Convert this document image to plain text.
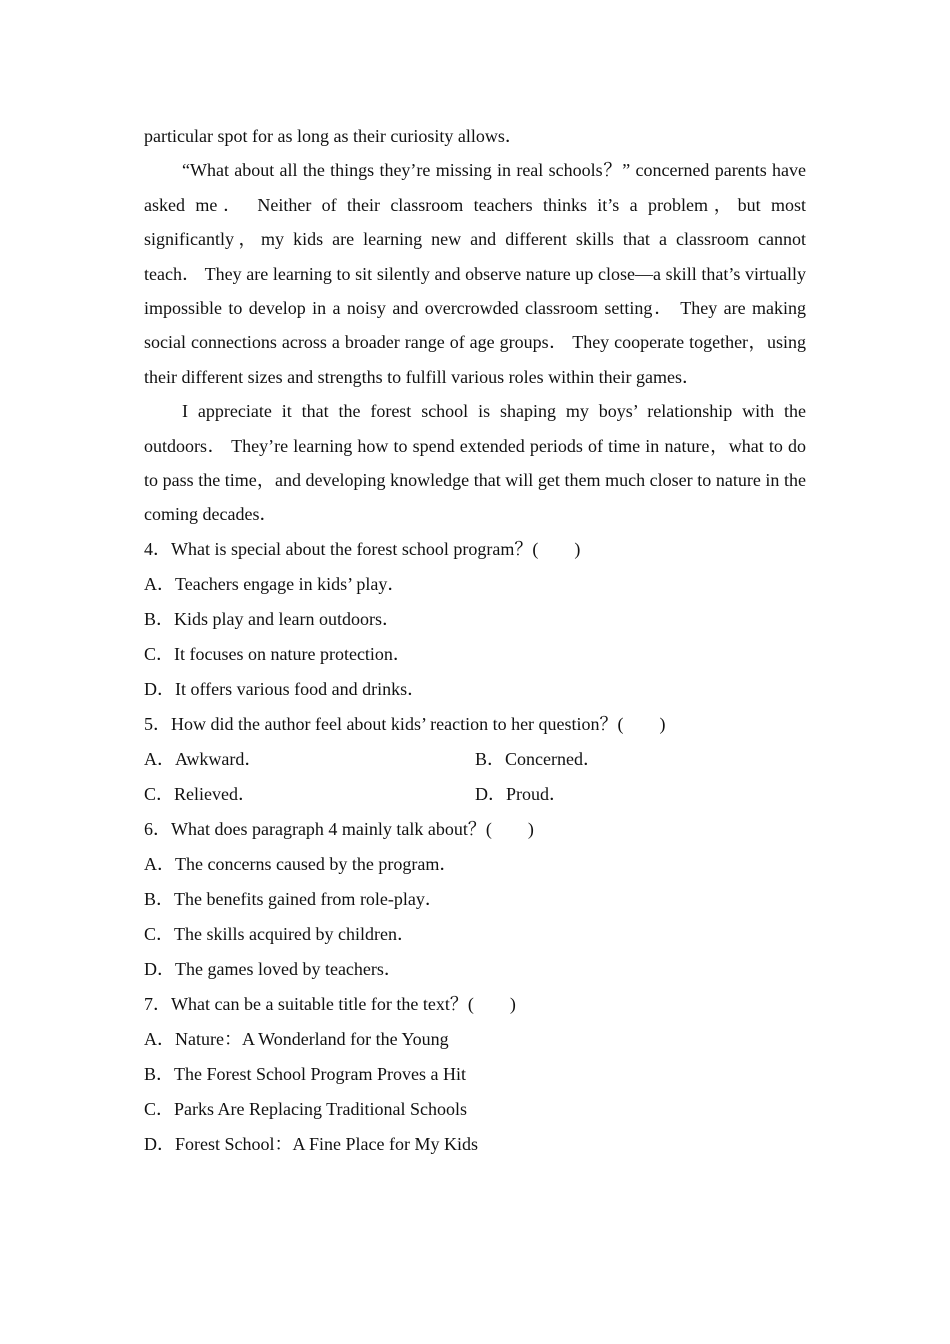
particular spot for as long as their curiosity allows．

“What about all the things they’re missing in real schools？” concerned parents have asked me． Neither of their classroom teachers thinks it’s a problem，but most significantly，my kids are learning new and different skills that a classroom cannot teach． They are learning to sit silently and observe nature up close—a skill that’s virtually impossible to develop in a noisy and overcrowded classroom setting． They are making social connections across a broader range of age groups． They cooperate together，using their different sizes and strengths to fulfill various roles within their games．

I appreciate it that the forest school is shaping my boys’ relationship with the outdoors． They’re learning how to spend extended periods of time in nature，what to do to pass the time，and developing knowledge that will get them much closer to nature in the coming decades．

4．What is special about the forest school program？(　　)
A．Teachers engage in kids’ play．
B．Kids play and learn outdoors．
C．It focuses on nature protection．
D．It offers various food and drinks．
5．How did the author feel about kids’ reaction to her question？(　　)
A．Awkward．	B．Concerned．
C．Relieved．	D．Proud．
6．What does paragraph 4 mainly talk about？(　　)
A．The concerns caused by the program．
B．The benefits gained from role-play．
C．The skills acquired by children．
D．The games loved by teachers．
7．What can be a suitable title for the text？(　　)
A．Nature：A Wonderland for the Young
B．The Forest School Program Proves a Hit
C．Parks Are Replacing Traditional Schools
D．Forest School：A Fine Place for My Kids
